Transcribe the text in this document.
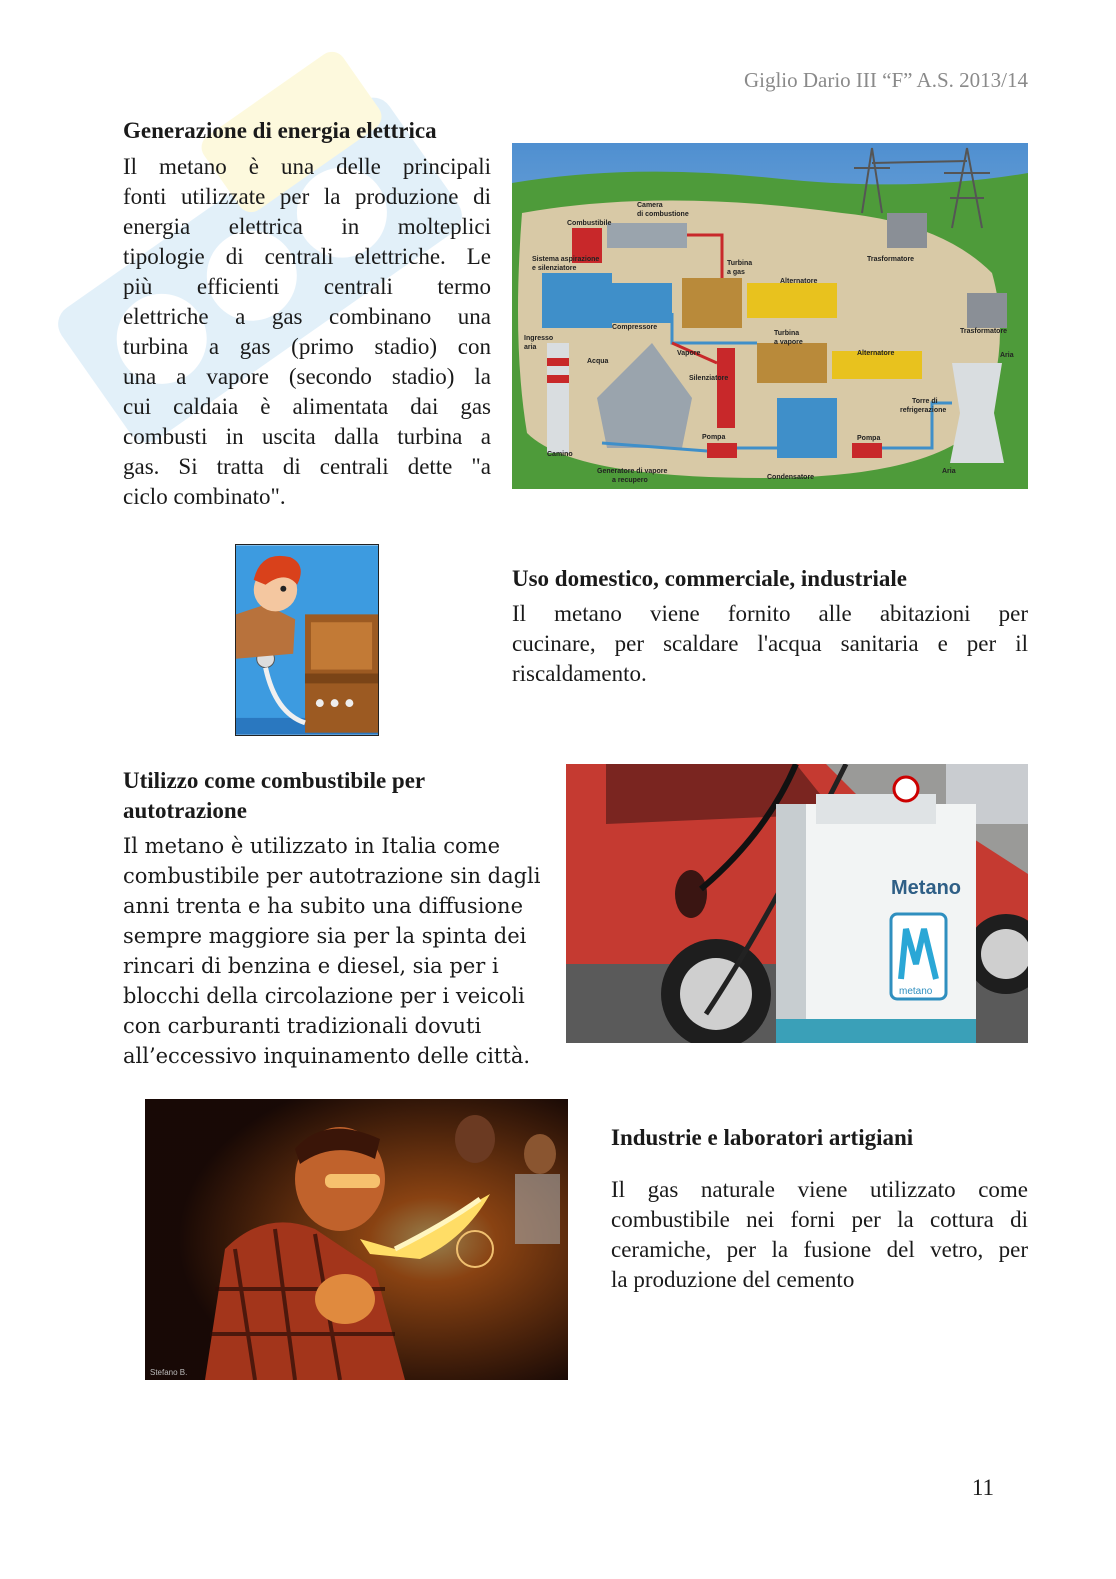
Giglio Dario III “F” A.S. 2013/14
Generazione di energia elettrica
Il metano è una delle principali
fonti utilizzate per la produzione di
energia elettrica in molteplici
tipologie di centrali elettriche. Le
più efficienti centrali termo
elettriche a gas combinano una
turbina a gas (primo stadio) con
una a vapore (secondo stadio) la
cui caldaia è alimentata dai gas
combusti in uscita dalla turbina a
gas. Si tratta di centrali dette "a
ciclo combinato".
Combustibile
Camera
di combustione
Sistema aspirazione
e silenziatore
Turbina
a gas
Alternatore
Trasformatore
Trasformatore
Compressore
Ingresso
aria
Acqua
Vapore
Turbina
a vapore
Alternatore	Aria
Silenziatore
Torre di
refrigerazione
Camino
Pompa	Pompa
Generatore di vapore
a recupero	Condensatore
Aria
Uso domestico, commerciale, industriale
Il metano viene fornito alle abitazioni per
cucinare, per scaldare l'acqua sanitaria e per il
riscaldamento.
Utilizzo come combustibile per
autotrazione
Il metano è utilizzato in Italia come
combustibile per autotrazione sin dagli
anni trenta e ha subito una diffusione
sempre maggiore sia per la spinta dei
rincari di benzina e diesel, sia per i
blocchi della circolazione per i veicoli
con carburanti tradizionali dovuti
all’eccessivo inquinamento delle città.
Metano
metano
Stefano B.
Industrie e laboratori artigiani
Il gas naturale viene utilizzato come
combustibile nei forni per la cottura di
ceramiche, per la fusione del vetro, per
la produzione del cemento
11
